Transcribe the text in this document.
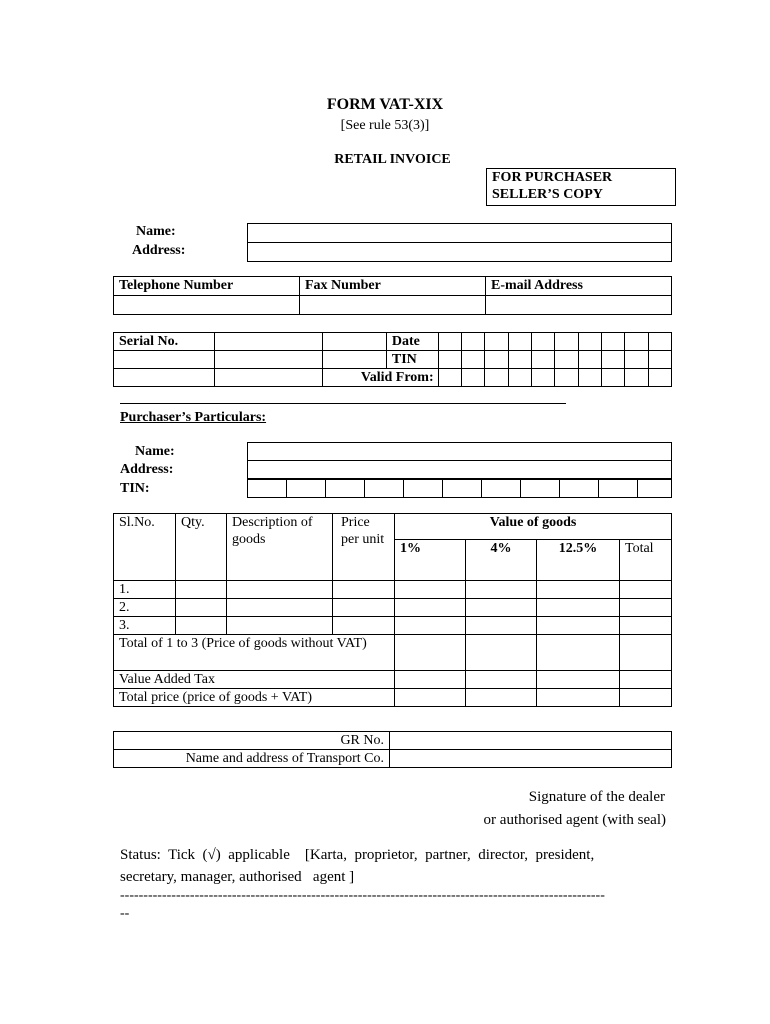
FORM VAT-XIX
[See rule 53(3)]
RETAIL INVOICE
FOR PURCHASER
SELLER’S COPY
Name:
Address:

Telephone Number	Fax Number	E-mail Address

Serial No.			Date										
			TIN										
		Valid From:											
Purchaser’s Particulars:
Name:
Address:
TIN:

Sl.No.	Qty.	Description of goods	Price per unit	Value of goods			
				1%	4%	12.5%	Total
1.							
2.							
3.							
Total of 1 to 3 (Price of goods without VAT)							
Value Added Tax							
Total price (price of goods + VAT)							
GR No.	
Name and address of Transport Co.	
Signature of the dealer
or authorised agent (with seal)
Status:  Tick  (√)  applicable    [Karta,  proprietor,  partner,  director,  president,
secretary, manager, authorised   agent ]
--------------------------------------------------------------------------------------------------------
--
